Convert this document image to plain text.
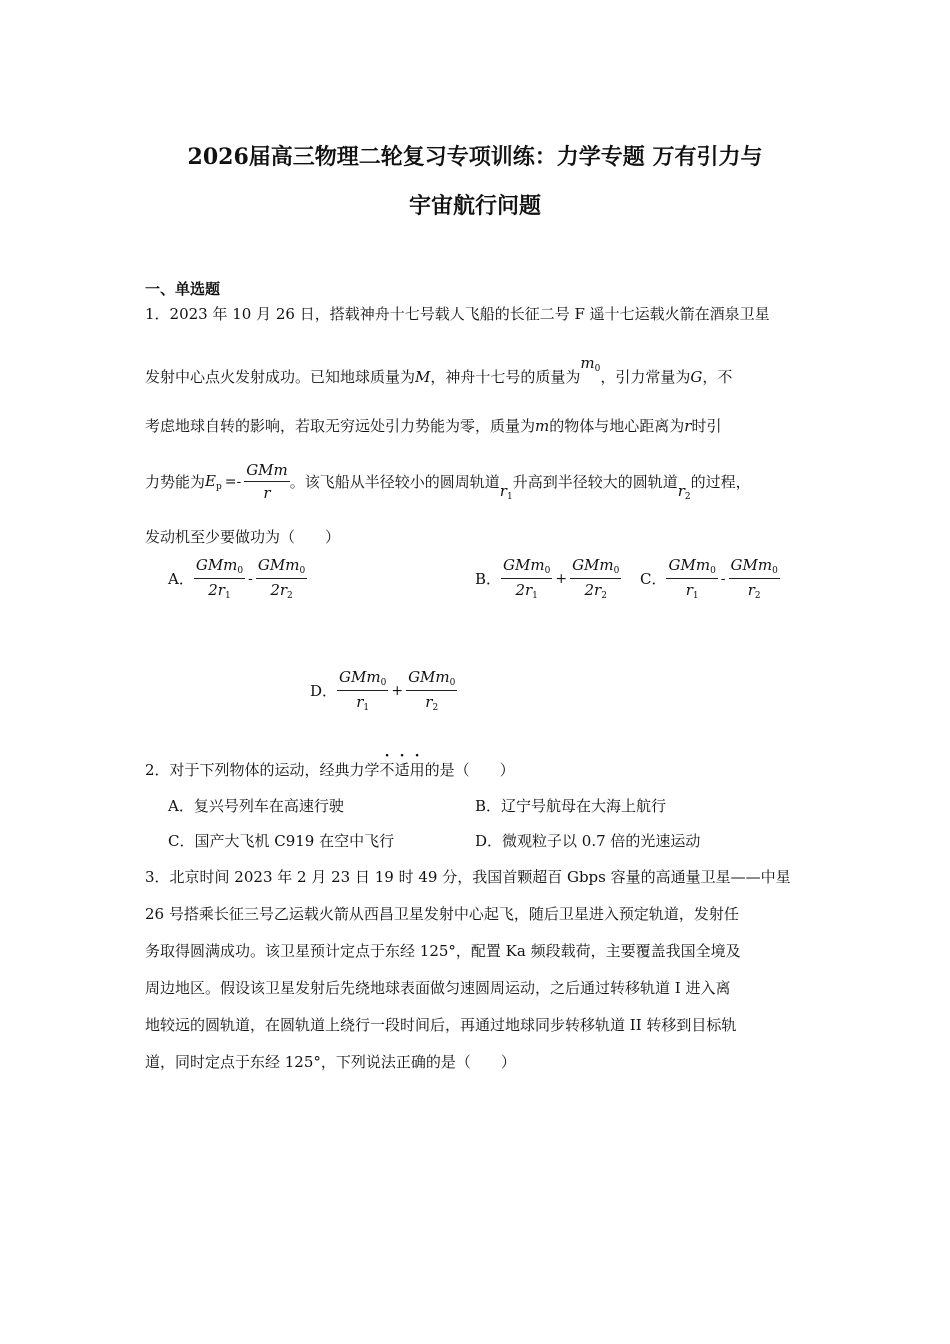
2026届高三物理二轮复习专项训练：力学专题 万有引力与
宇宙航行问题
一、单选题
1．2023 年 10 月 26 日，搭载神舟十七号载人飞船的长征二号 F 遥十七运载火箭在酒泉卫星
发射中心点火发射成功。已知地球质量为M，神舟十七号的质量为$m_0$，引力常量为G，不
考虑地球自转的影响，若取无穷远处引力势能为零，质量为m的物体与地心距离为r时引
力势能为$E_p =- \frac{\text{GMm}}{r}$ 。该飞船从半径较小的圆周轨道$r_1$升高到半径较大的圆轨道$r_2$的过程，
发动机至少要做功为（　　）
A． $\frac{GMm_0}{2r_1} - \frac{GMm_0}{2r_2}$	B． $\frac{GMm_0}{2r_1} + \frac{GMm_0}{2r_2}$ C． $\frac{GMm_0}{r_1} - \frac{GMm_0}{r_2}$
D． $\frac{GMm_0}{r_1} + \frac{GMm_0}{r_2}$
2．对于下列物体的运动，经典力学不适用的是（　　）
A．复兴号列车在高速行驶	B．辽宁号航母在大海上航行
C．国产大飞机 C919 在空中飞行	D．微观粒子以 0.7 倍的光速运动
3．北京时间 2023 年 2 月 23 日 19 时 49 分，我国首颗超百 Gbps 容量的高通量卫星——中星
26 号搭乘长征三号乙运载火箭从西昌卫星发射中心起飞，随后卫星进入预定轨道，发射任
务取得圆满成功。该卫星预计定点于东经 125°，配置 Ka 频段载荷，主要覆盖我国全境及
周边地区。假设该卫星发射后先绕地球表面做匀速圆周运动，之后通过转移轨道 I 进入离
地较远的圆轨道，在圆轨道上绕行一段时间后，再通过地球同步转移轨道 II 转移到目标轨
道，同时定点于东经 125°，下列说法正确的是（　　）
